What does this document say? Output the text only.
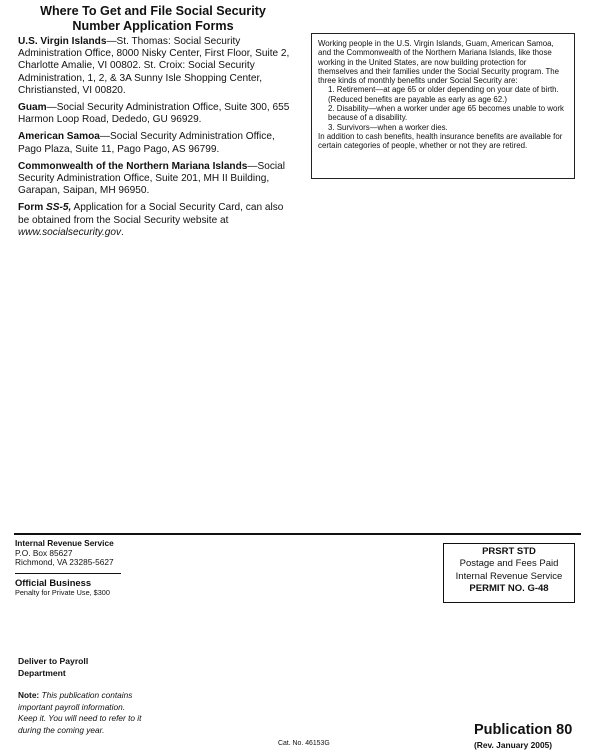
Where To Get and File Social Security
Number Application Forms
U.S. Virgin Islands—St. Thomas: Social Security Administration Office, 8000 Nisky Center, First Floor, Suite 2, Charlotte Amalie, VI 00802. St. Croix: Social Security Administration, 1, 2, & 3A Sunny Isle Shopping Center, Christiansted, VI 00820.
Guam—Social Security Administration Office, Suite 300, 655 Harmon Loop Road, Dededo, GU 96929.
American Samoa—Social Security Administration Office, Pago Plaza, Suite 11, Pago Pago, AS 96799.
Commonwealth of the Northern Mariana Islands—Social Security Administration Office, Suite 201, MH II Building, Garapan, Saipan, MH 96950.
Form SS-5, Application for a Social Security Card, can also be obtained from the Social Security website at www.socialsecurity.gov.

Working people in the U.S. Virgin Islands, Guam, American Samoa, and the Commonwealth of the Northern Mariana Islands, like those working in the United States, are now building protection for themselves and their families under the Social Security program. The three kinds of monthly benefits under Social Security are:

1. Retirement—at age 65 or older depending on your date of birth. (Reduced benefits are payable as early as age 62.)

2. Disability—when a worker under age 65 becomes unable to work because of a disability.

3. Survivors—when a worker dies.

In addition to cash benefits, health insurance benefits are available for certain categories of people, whether or not they are retired.

Internal Revenue Service
P.O. Box 85627
Richmond, VA 23285-5627
Official Business
Penalty for Private Use, $300
PRSRT STD
Postage and Fees Paid
Internal Revenue Service
PERMIT NO. G-48
Deliver to Payroll
Department
Note: This publication contains important payroll information. Keep it. You will need to refer to it during the coming year.
Cat. No. 46153G
Publication 80
(Rev. January 2005)
